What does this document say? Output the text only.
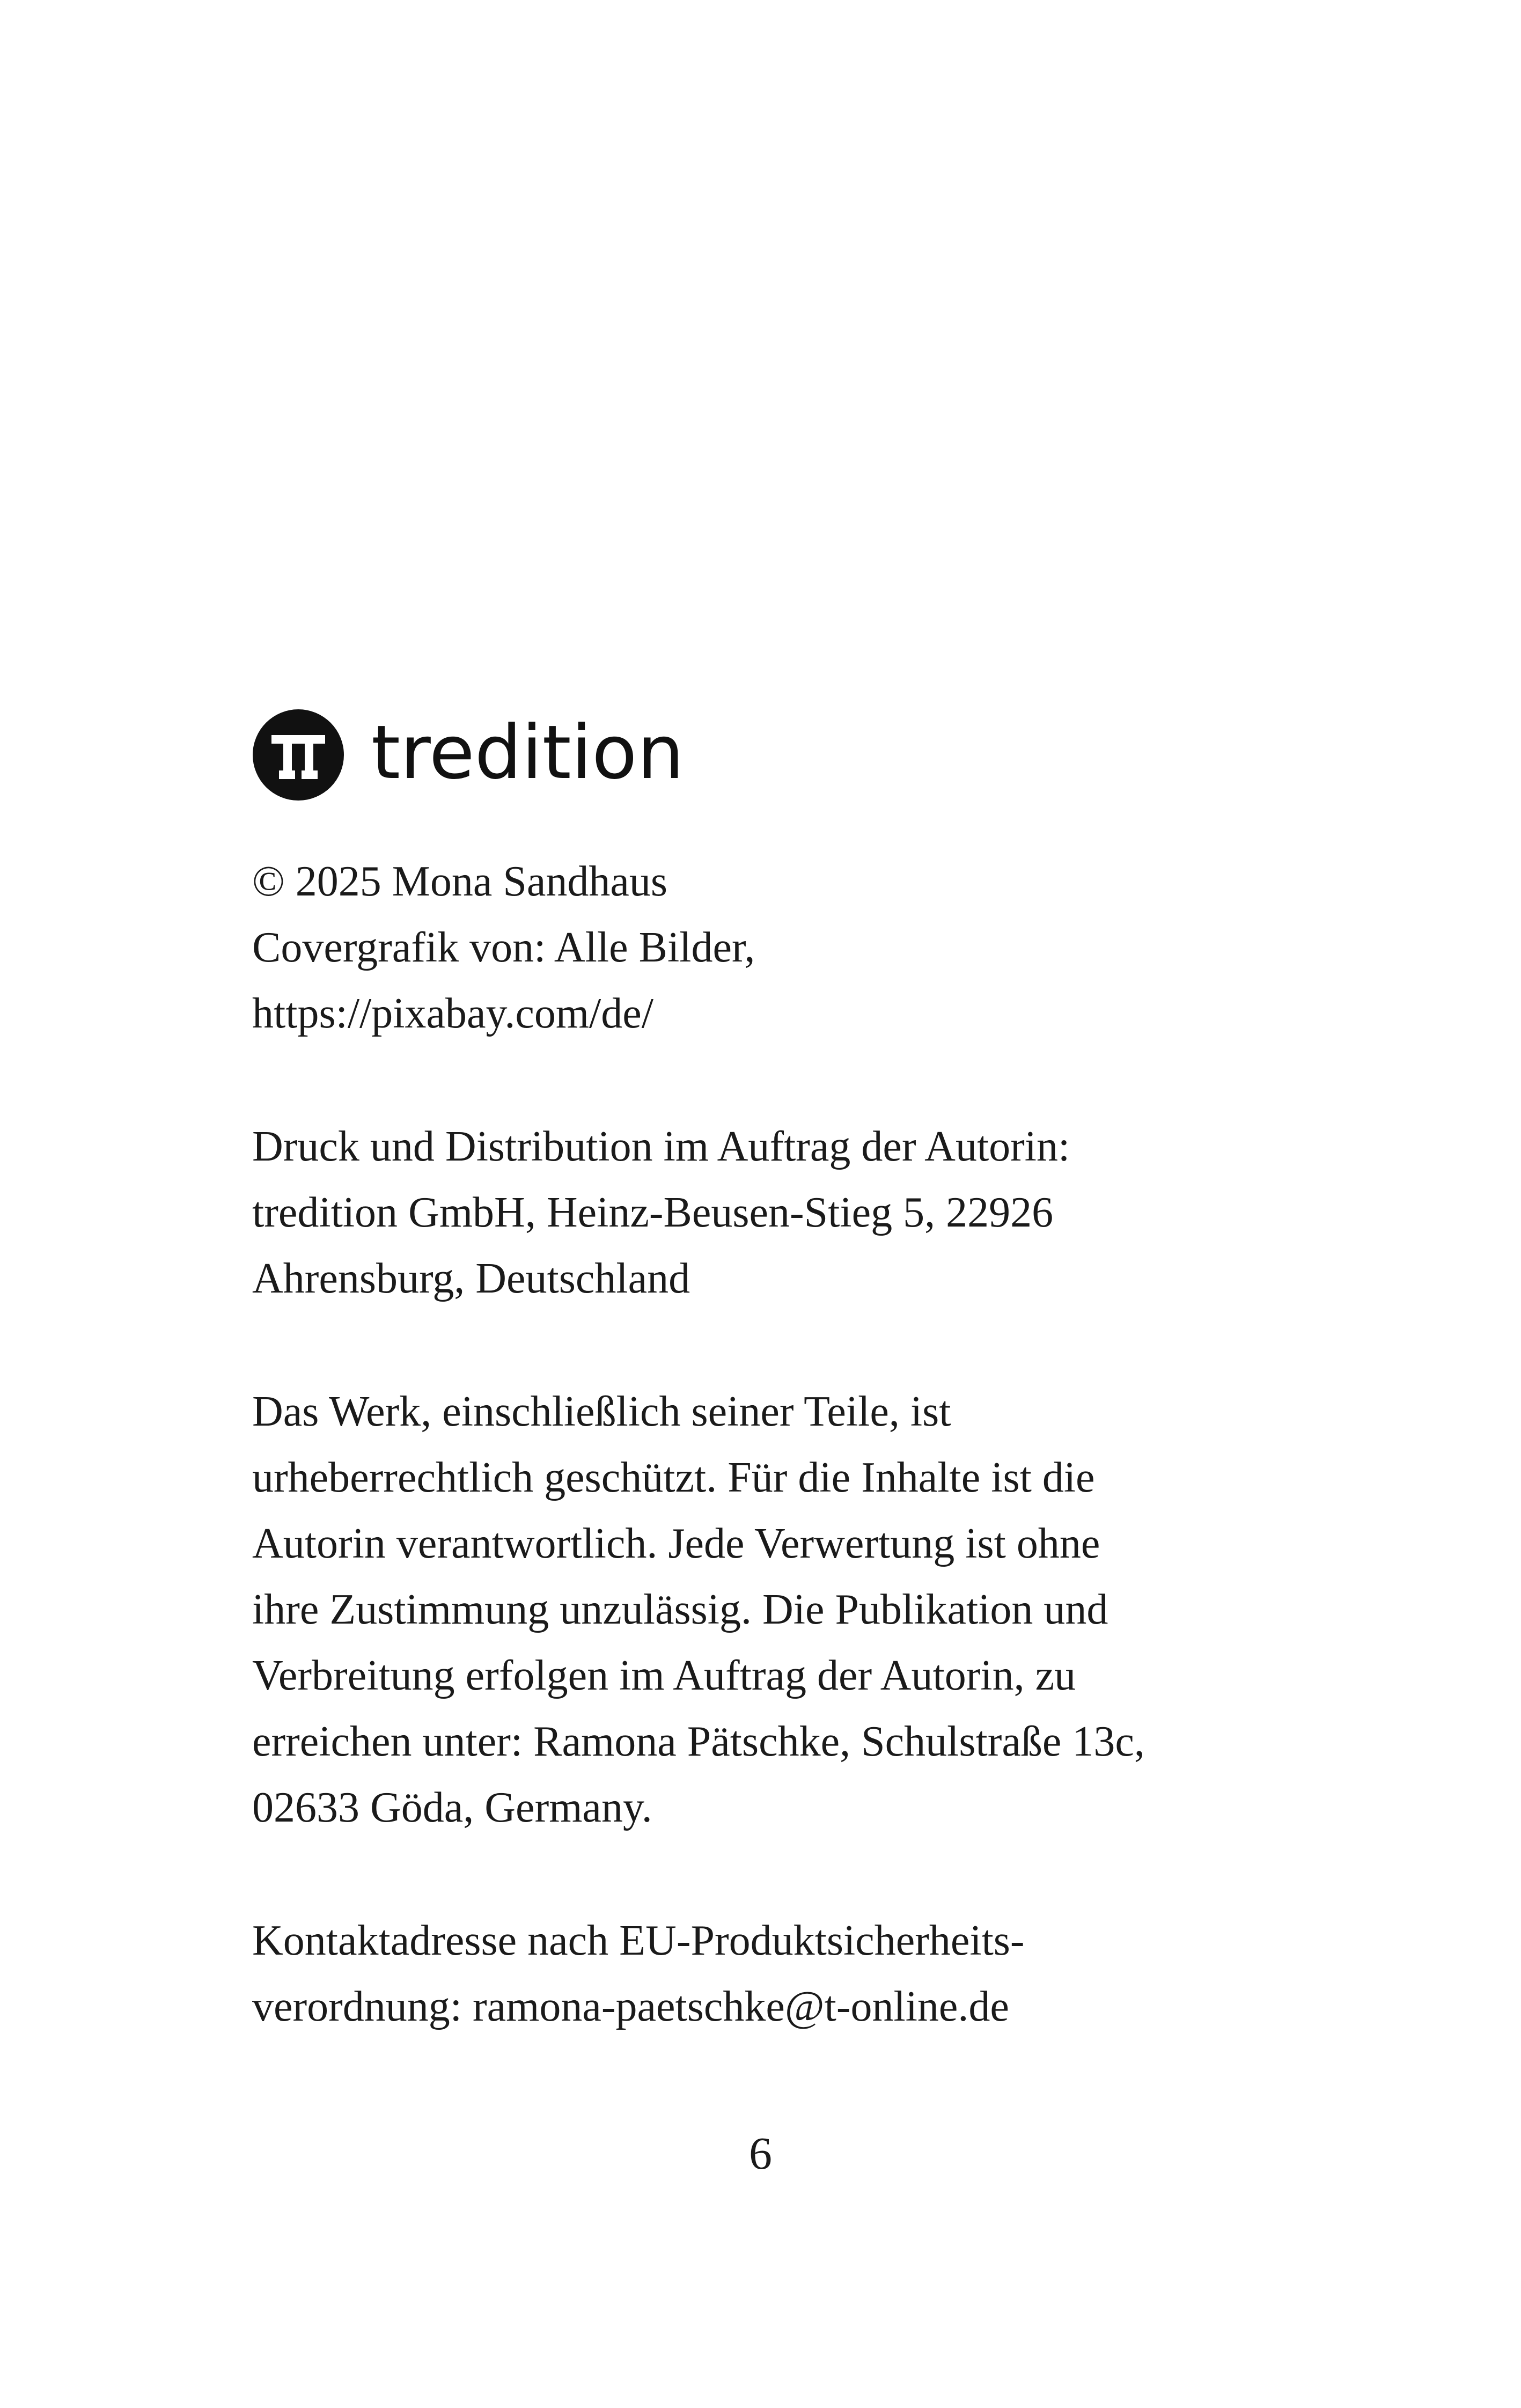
tredition
© 2025 Mona Sandhaus
Covergrafik von: Alle Bilder,
https://pixabay.com/de/
Druck und Distribution im Auftrag der Autorin:
tredition GmbH, Heinz-Beusen-Stieg 5, 22926
Ahrensburg, Deutschland
Das Werk, einschließlich seiner Teile, ist
urheberrechtlich geschützt. Für die Inhalte ist die
Autorin verantwortlich. Jede Verwertung ist ohne
ihre Zustimmung unzulässig. Die Publikation und
Verbreitung erfolgen im Auftrag der Autorin, zu
erreichen unter: Ramona Pätschke, Schulstraße 13c,
02633 Göda, Germany.
Kontaktadresse nach EU-Produktsicherheits-
verordnung: ramona-paetschke@t-online.de
6
